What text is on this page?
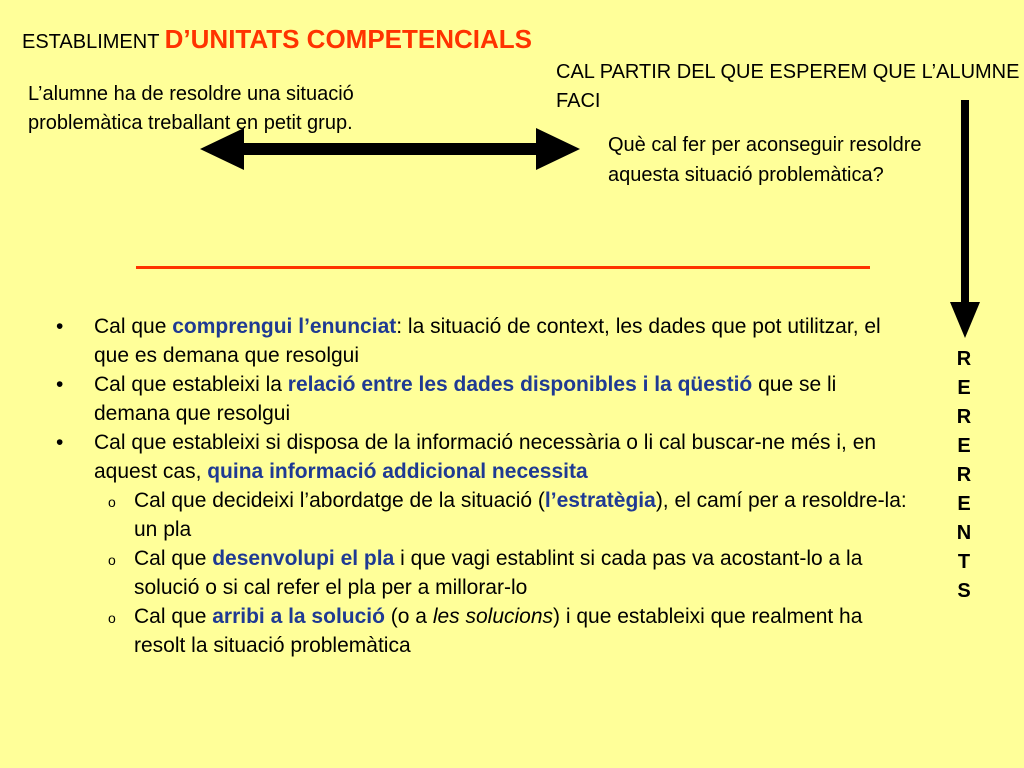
ESTABLIMENT D’UNITATS COMPETENCIALS
L’alumne ha de resoldre una situació problemàtica treballant en petit grup.
CAL PARTIR DEL QUE ESPEREM QUE L’ALUMNE FACI
Què cal fer per aconseguir resoldre aquesta situació problemàtica?
• Cal que comprengui l’enunciat: la situació de context, les dades que pot utilitzar, el que es demana que resolgui
• Cal que estableixi la relació entre les dades disponibles i la qüestió que se li demana que resolgui
• Cal que estableixi si disposa de la informació necessària o li cal buscar-ne més i, en aquest cas, quina informació addicional necessita
o Cal que decideixi l’abordatge de la situació (l’estratègia), el camí per a resoldre-la: un pla
o Cal que desenvolupi el pla i que vagi establint si cada pas va acostant-lo a la solució o si cal refer el pla per a millorar-lo
o Cal que arribi a la solució (o a les solucions) i que estableixi que realment ha resolt la situació problemàtica
R
E
R
E
R
E
N
T
S
